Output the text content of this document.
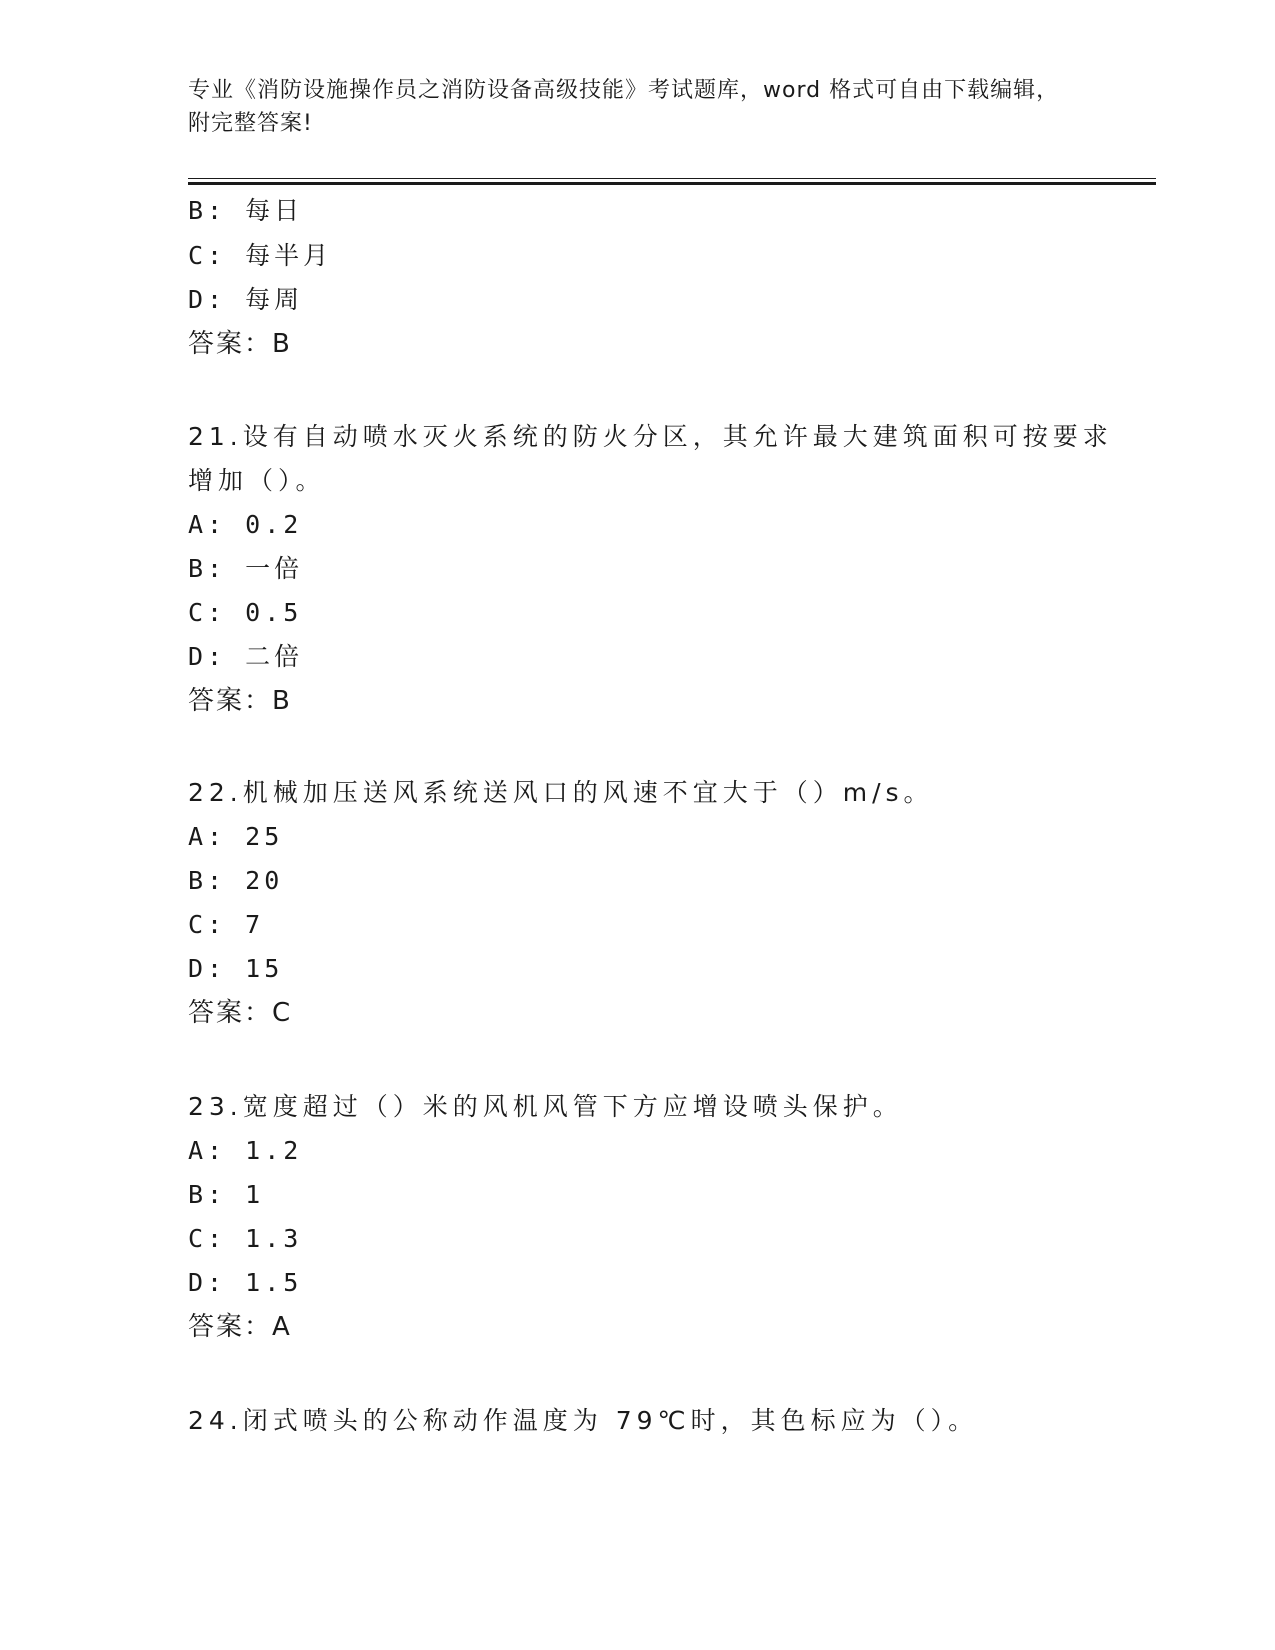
专业《消防设施操作员之消防设备高级技能》考试题库，word 格式可自由下载编辑，附完整答案!
B: 每日
C: 每半月
D: 每周
答案：B
21.设有自动喷水灭火系统的防火分区，其允许最大建筑面积可按要求
增加（）。
A: 0.2
B: 一倍
C: 0.5
D: 二倍
答案：B
22.机械加压送风系统送风口的风速不宜大于（）m/s。
A: 25
B: 20
C: 7
D: 15
答案：C
23.宽度超过（）米的风机风管下方应增设喷头保护。
A: 1.2
B: 1
C: 1.3
D: 1.5
答案：A
24.闭式喷头的公称动作温度为 79℃时，其色标应为（）。
